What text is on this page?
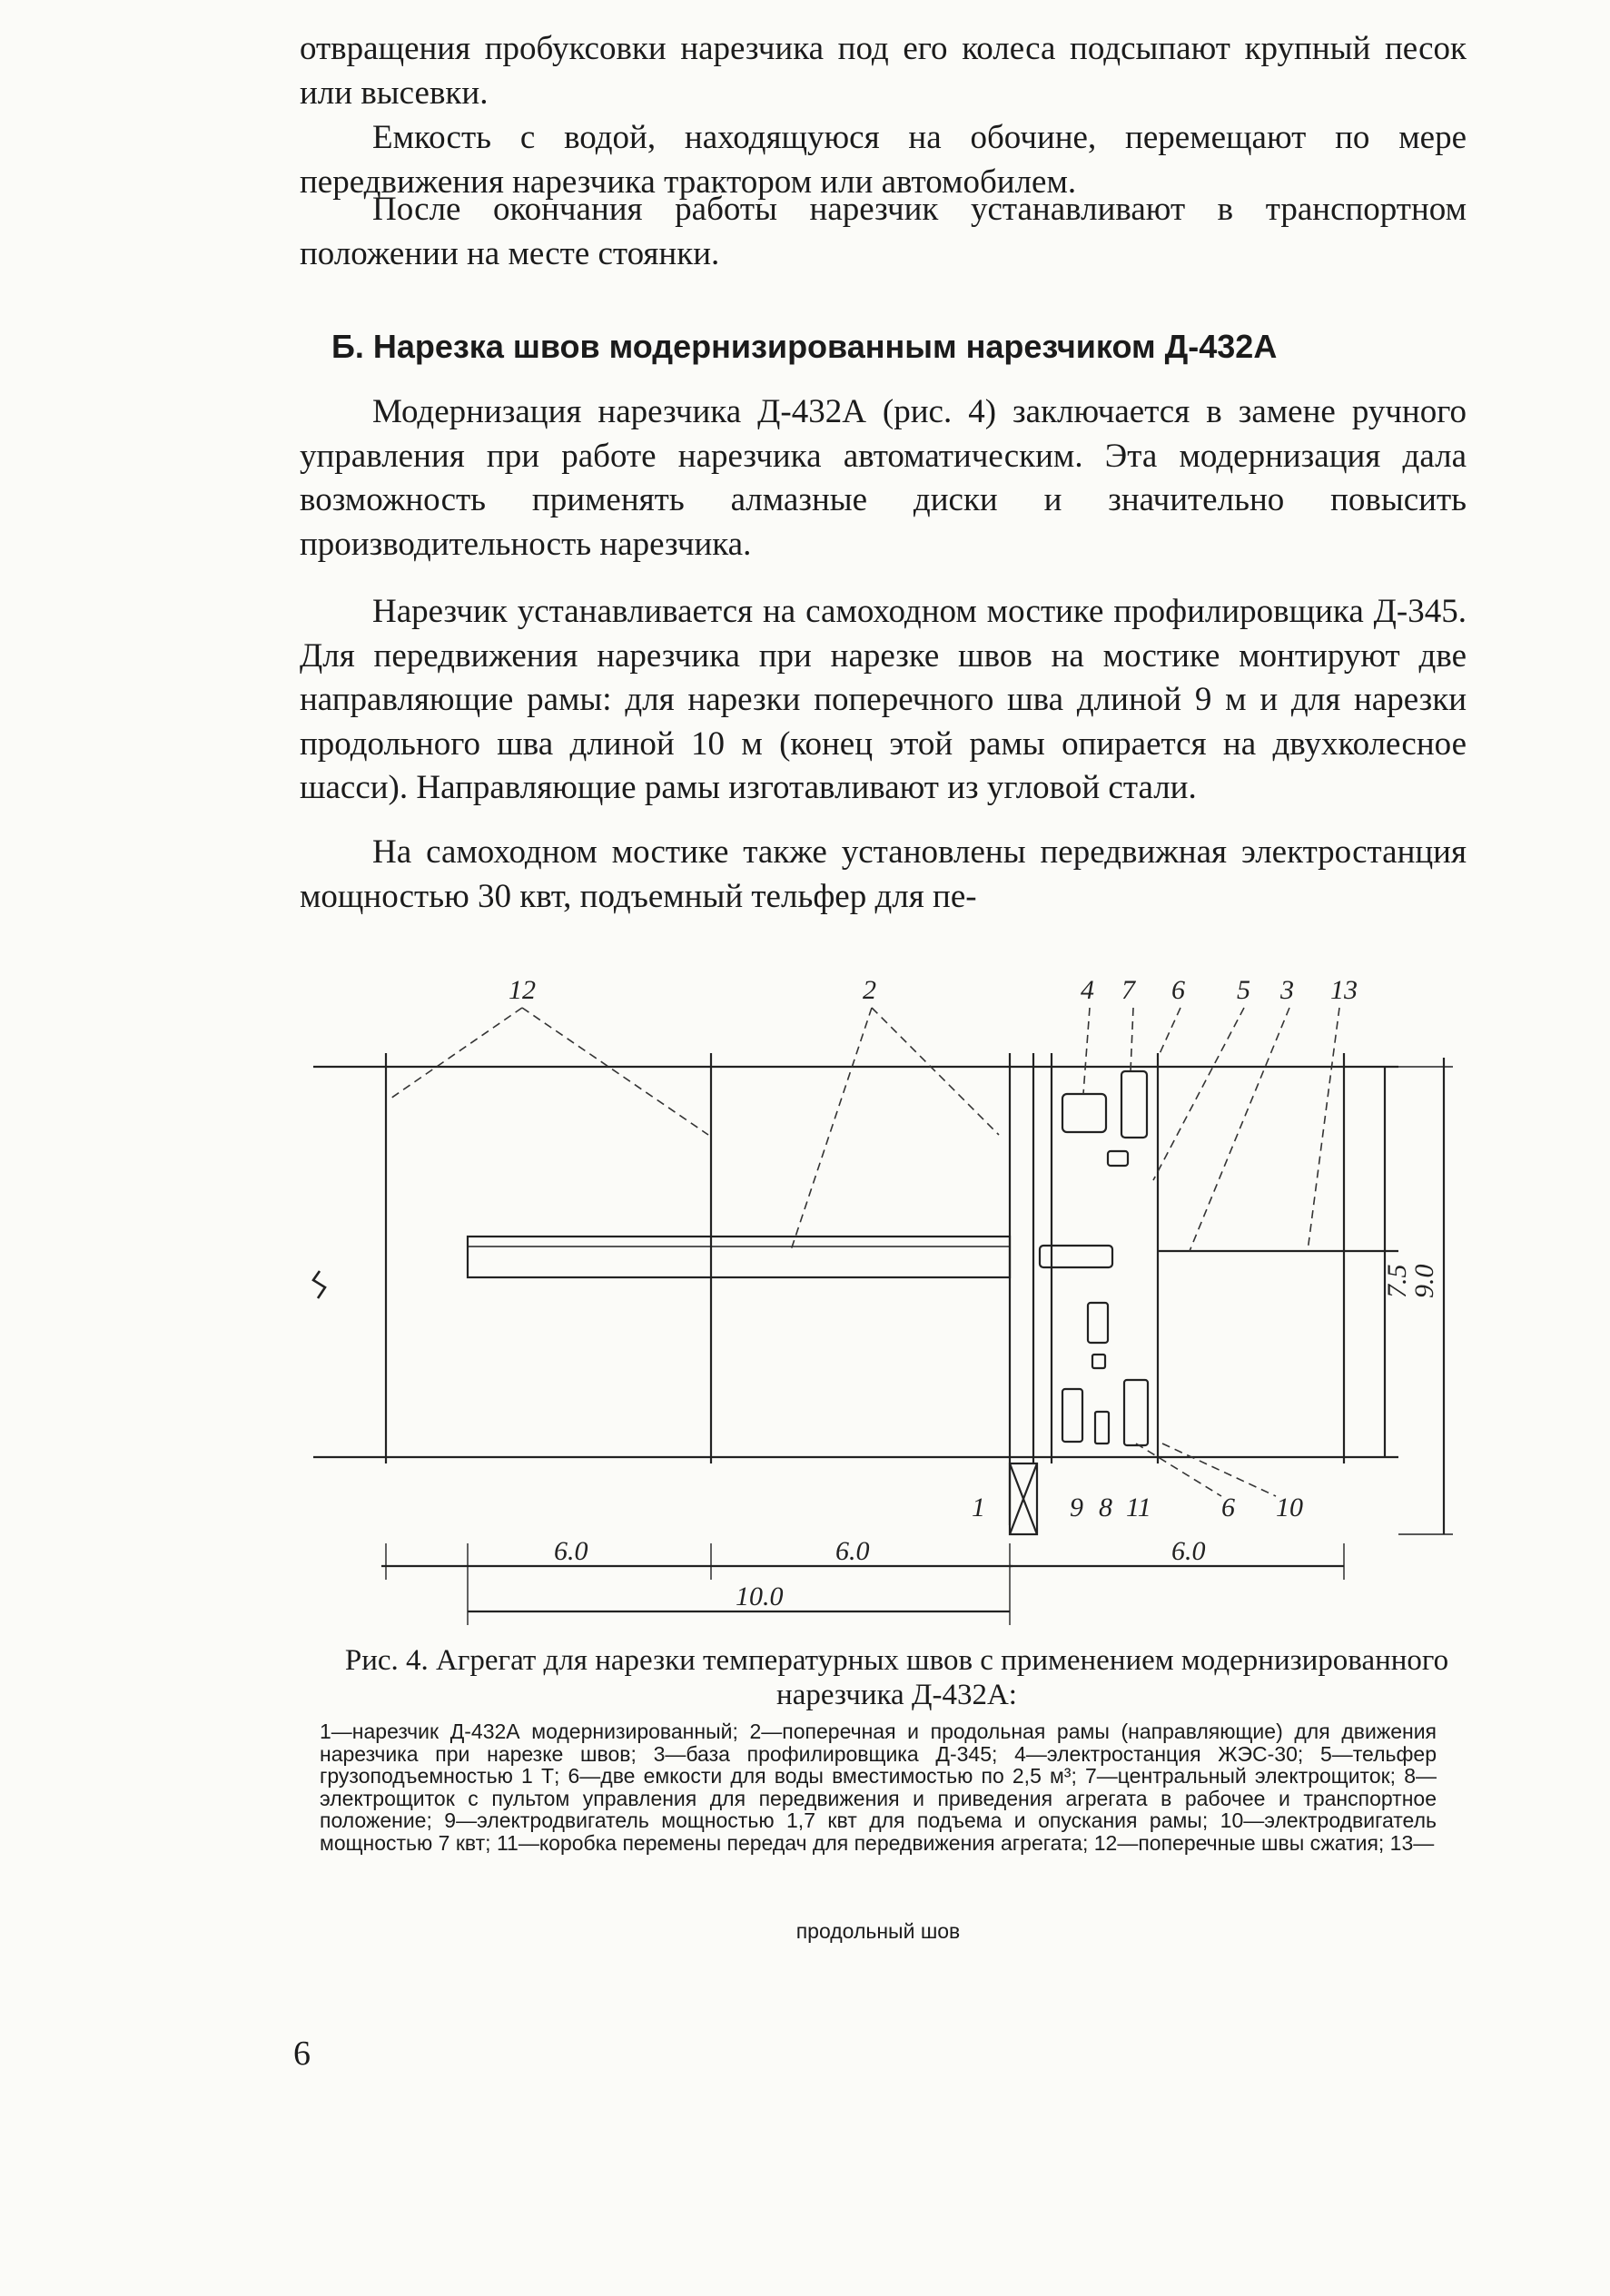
отвращения пробуксовки нарезчика под его колеса подсыпают крупный песок или высевки.

Емкость с водой, находящуюся на обочине, перемещают по мере передвижения нарезчика трактором или автомобилем.

После окончания работы нарезчик устанавливают в транспортном положении на месте стоянки.

Б. Нарезка швов модернизированным нарезчиком Д-432А

Модернизация нарезчика Д-432А (рис. 4) заключается в замене ручного управления при работе нарезчика автоматическим. Эта модернизация дала возможность применять алмазные диски и значительно повысить производительность нарезчика.

Нарезчик устанавливается на самоходном мостике профилировщика Д-345. Для передвижения нарезчика при нарезке швов на мостике монтируют две направляющие рамы: для нарезки поперечного шва длиной 9 м и для нарезки продольного шва длиной 10 м (конец этой рамы опирается на двухколесное шасси). Направляющие рамы изготавливают из угловой стали.

На самоходном мостике также установлены передвижная электростанция мощностью 30 квт, подъемный тельфер для пе-

12	2	4 7 6 5 3 13
1	9 8 11	6 10
6.0	6.0
10.0
6.0
7.5
9.0

Рис. 4. Агрегат для нарезки температурных швов с применением модернизированного нарезчика Д-432А:

1—нарезчик Д-432А модернизированный; 2—поперечная и продольная рамы (направляющие) для движения нарезчика при нарезке швов; 3—база профилировщика Д-345; 4—электростанция ЖЭС-30; 5—тельфер грузоподъемностью 1 Т; 6—две емкости для воды вместимостью по 2,5 м³; 7—центральный электрощиток; 8—электрощиток с пультом управления для передвижения и приведения агрегата в рабочее и транспортное положение; 9—электродвигатель мощностью 1,7 квт для подъема и опускания рамы; 10—электродвигатель мощностью 7 квт; 11—коробка перемены передач для передвижения агрегата; 12—поперечные швы сжатия; 13—

продольный шов
6
